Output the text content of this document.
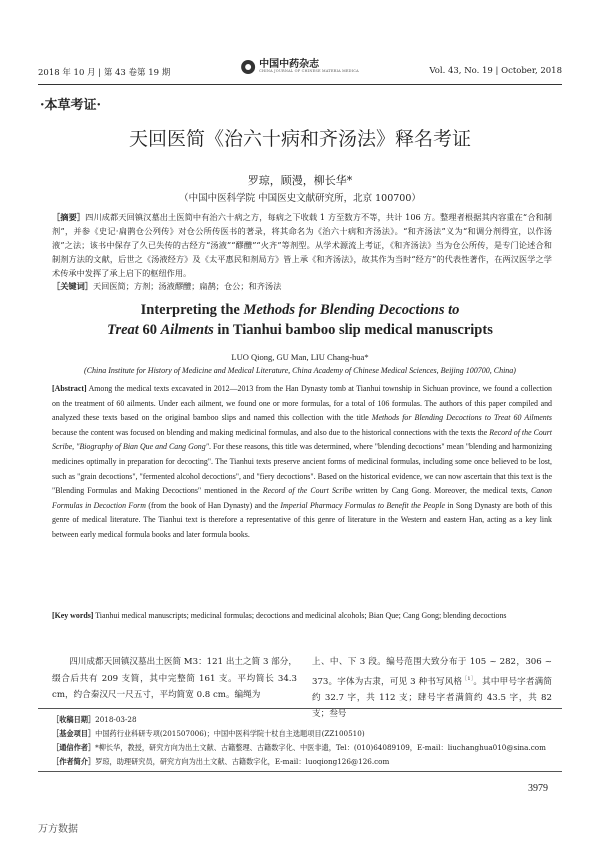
2018 年 10 月 | 第 43 卷第 19 期
中国中药杂志
CHINA JOURNAL OF CHINESE MATERIA MEDICA	Vol. 43, No. 19 | October, 2018
·本草考证·
天回医简《治六十病和齐汤法》释名考证
罗琼，顾漫，柳长华*
（中国中医科学院 中国医史文献研究所，北京 100700）
［摘要］四川成都天回镇汉墓出土医简中有治六十病之方，每病之下收载 1 方至数方不等，共计 106 方。整理者根据其内容重在“合和制剂”，并参《史记·扁鹊仓公列传》对仓公所传医书的著录，将其命名为《治六十病和齐汤法》。“和齐汤法”义为“和调分剂得宜，以作汤液”之法；该书中保存了久已失传的古经方“汤液”“醪醴”“火齐”等剂型。从学术源流上考证，《和齐汤法》当为仓公所传，是专门论述合和制剂方法的文献，后世之《汤液经方》及《太平惠民和剂局方》皆上承《和齐汤法》，故其作为当时“经方”的代表性著作，在两汉医学之学术传承中发挥了承上启下的枢纽作用。
［关键词］天回医简；方剂；汤液醪醴；扁鹊；仓公；和齐汤法
Interpreting the Methods for Blending Decoctions to
Treat 60 Ailments in Tianhui bamboo slip medical manuscripts
LUO Qiong, GU Man, LIU Chang-hua*
(China Institute for History of Medicine and Medical Literature, China Academy of Chinese Medical Sciences, Beijing 100700, China)
[Abstract] Among the medical texts excavated in 2012—2013 from the Han Dynasty tomb at Tianhui township in Sichuan province, we found a collection on the treatment of 60 ailments. Under each ailment, we found one or more formulas, for a total of 106 formulas. The authors of this paper compiled and analyzed these texts based on the original bamboo slips and named this collection with the title Methods for Blending Decoctions to Treat 60 Ailments because the content was focused on blending and making medicinal formulas, and also due to the historical connections with the texts the Record of the Court Scribe, "Biography of Bian Que and Cang Gong". For these reasons, this title was determined, where "blending decoctions" mean "blending and harmonizing medicines optimally in preparation for decocting". The Tianhui texts preserve ancient forms of medicinal formulas, including some once believed to be lost, such as "grain decoctions", "fermented alcohol decoctions", and "fiery decoctions". Based on the historical evidence, we can now ascertain that this text is the "Blending Formulas and Making Decoctions" mentioned in the Record of the Court Scribe written by Cang Gong. Moreover, the medical texts, Canon Formulas in Decoction Form (from the book of Han Dynasty) and the Imperial Pharmacy Formulas to Benefit the People in Song Dynasty are both of this genre of medical literature. The Tianhui text is therefore a representative of this genre of literature in the Western and eastern Han, acting as a key link between early medical formula books and later formula books.
[Key words] Tianhui medical manuscripts; medicinal formulas; decoctions and medicinal alcohols; Bian Que; Cang Gong; blending decoctions
四川成都天回镇汉墓出土医简 M3：121 出土之简 3 部分，缀合后共有 209 支简，其中完整简 161 支。平均简长 34.3 cm，约合秦汉尺一尺五寸，平均简宽 0.8 cm。编绳为
上、中、下 3 段。编号范围大致分布于 105 ~ 282，306 ~ 373。字体为古隶，可见 3 种书写风格$^{[1]}$。其中甲号字者满简约 32.7 字，共 112 支；肆号字者满简约 43.5 字，共 82 支；叁号
［收稿日期］2018-03-28
［基金项目］中国药行业科研专项(201507006)；中国中医科学院十杖自主选题项目(ZZ100510)
［通信作者］*柳长华，教授，研究方向为出土文献、古籍整理、古籍数字化、中医非遗，Tel：(010)64089109，E-mail：liuchanghua010@sina.com
［作者简介］罗琼，助理研究员，研究方向为出土文献、古籍数字化，E-mail：luoqiong126@126.com
3979
万方数据
